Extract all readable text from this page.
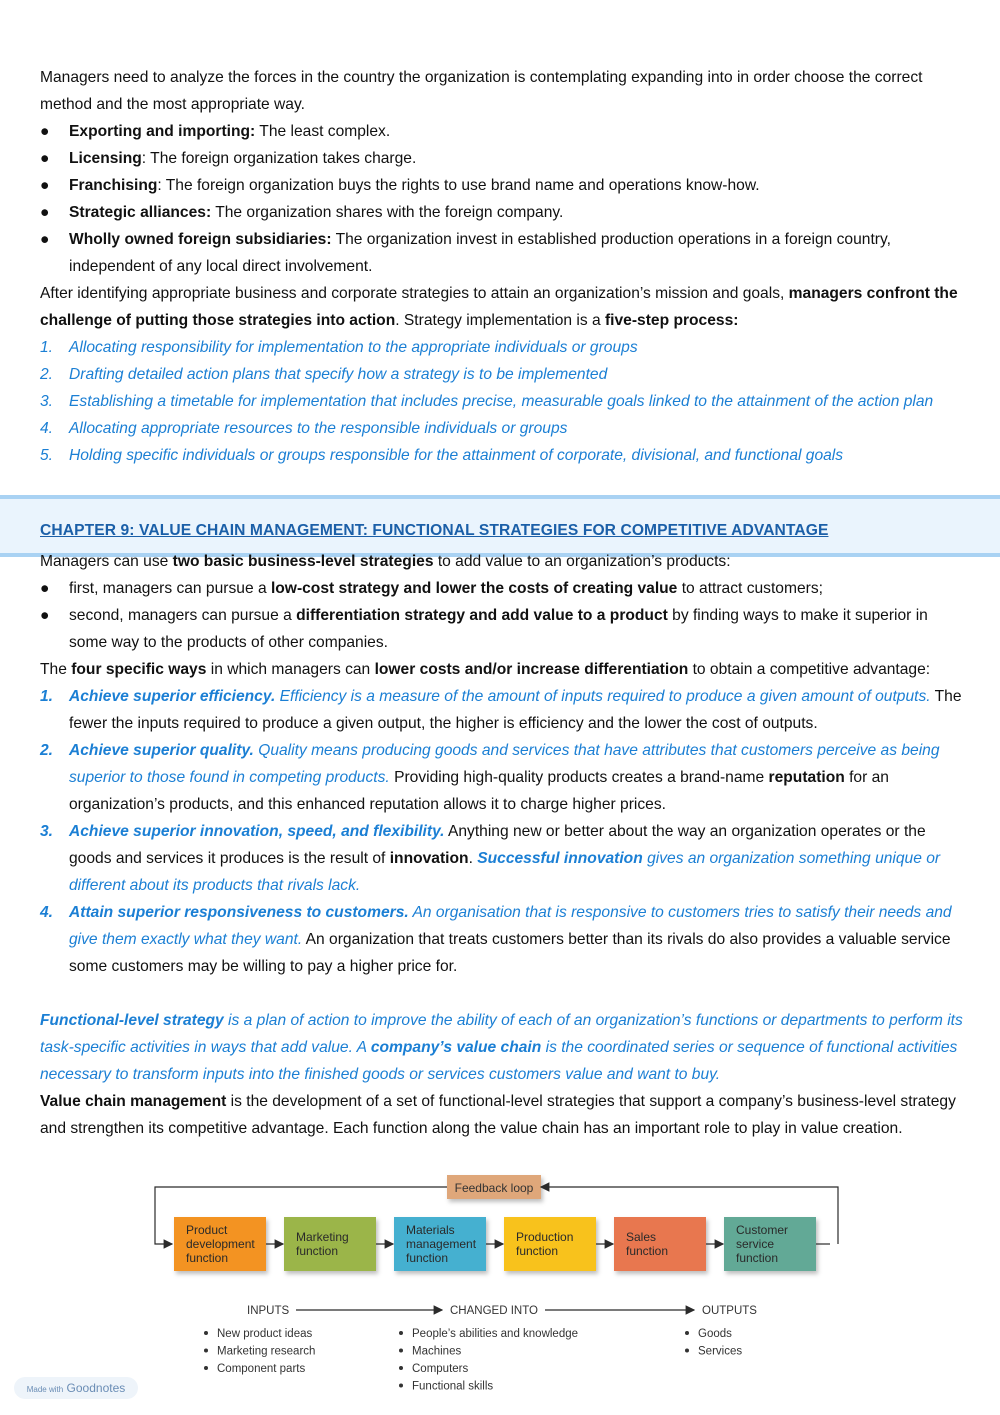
Managers need to analyze the forces in the country the organization is contemplating expanding into in order choose the correct method and the most appropriate way.

● Exporting and importing: The least complex.
● Licensing: The foreign organization takes charge.
● Franchising: The foreign organization buys the rights to use brand name and operations know-how.
● Strategic alliances: The organization shares with the foreign company.
● Wholly owned foreign subsidiaries: The organization invest in established production operations in a foreign country, independent of any local direct involvement.

After identifying appropriate business and corporate strategies to attain an organization’s mission and goals, managers confront the challenge of putting those strategies into action. Strategy implementation is a five-step process:

1. Allocating responsibility for implementation to the appropriate individuals or groups
2. Drafting detailed action plans that specify how a strategy is to be implemented
3. Establishing a timetable for implementation that includes precise, measurable goals linked to the attainment of the action plan
4. Allocating appropriate resources to the responsible individuals or groups
5. Holding specific individuals or groups responsible for the attainment of corporate, divisional, and functional goals
CHAPTER 9: VALUE CHAIN MANAGEMENT: FUNCTIONAL STRATEGIES FOR COMPETITIVE ADVANTAGE

Managers can use two basic business-level strategies to add value to an organization’s products:

● first, managers can pursue a low-cost strategy and lower the costs of creating value to attract customers;
● second, managers can pursue a differentiation strategy and add value to a product by finding ways to make it superior in some way to the products of other companies.

The four specific ways in which managers can lower costs and/or increase differentiation to obtain a competitive advantage:

1. Achieve superior efficiency. Efficiency is a measure of the amount of inputs required to produce a given amount of outputs. The fewer the inputs required to produce a given output, the higher is efficiency and the lower the cost of outputs.
2. Achieve superior quality. Quality means producing goods and services that have attributes that customers perceive as being superior to those found in competing products. Providing high-quality products creates a brand-name reputation for an organization’s products, and this enhanced reputation allows it to charge higher prices.
3. Achieve superior innovation, speed, and flexibility. Anything new or better about the way an organization operates or the goods and services it produces is the result of innovation. Successful innovation gives an organization something unique or different about its products that rivals lack.
4. Attain superior responsiveness to customers. An organisation that is responsive to customers tries to satisfy their needs and give them exactly what they want. An organization that treats customers better than its rivals do also provides a valuable service some customers may be willing to pay a higher price for.

Functional-level strategy is a plan of action to improve the ability of each of an organization’s functions or departments to perform its task-specific activities in ways that add value. A company’s value chain is the coordinated series or sequence of functional activities necessary to transform inputs into the finished goods or services customers value and want to buy.

Value chain management is the development of a set of functional-level strategies that support a company’s business-level strategy and strengthen its competitive advantage. Each function along the value chain has an important role to play in value creation.

Feedback loop
Product
development
function
Marketing
function
Materials
management
function
Production
function
Sales
function
Customer
service
function
INPUTS	CHANGED INTO	OUTPUTS
New product ideas
Marketing research
Component parts
People’s abilities and knowledge
Machines
Computers
Functional skills
Goods
Services
Made with Goodnotes
